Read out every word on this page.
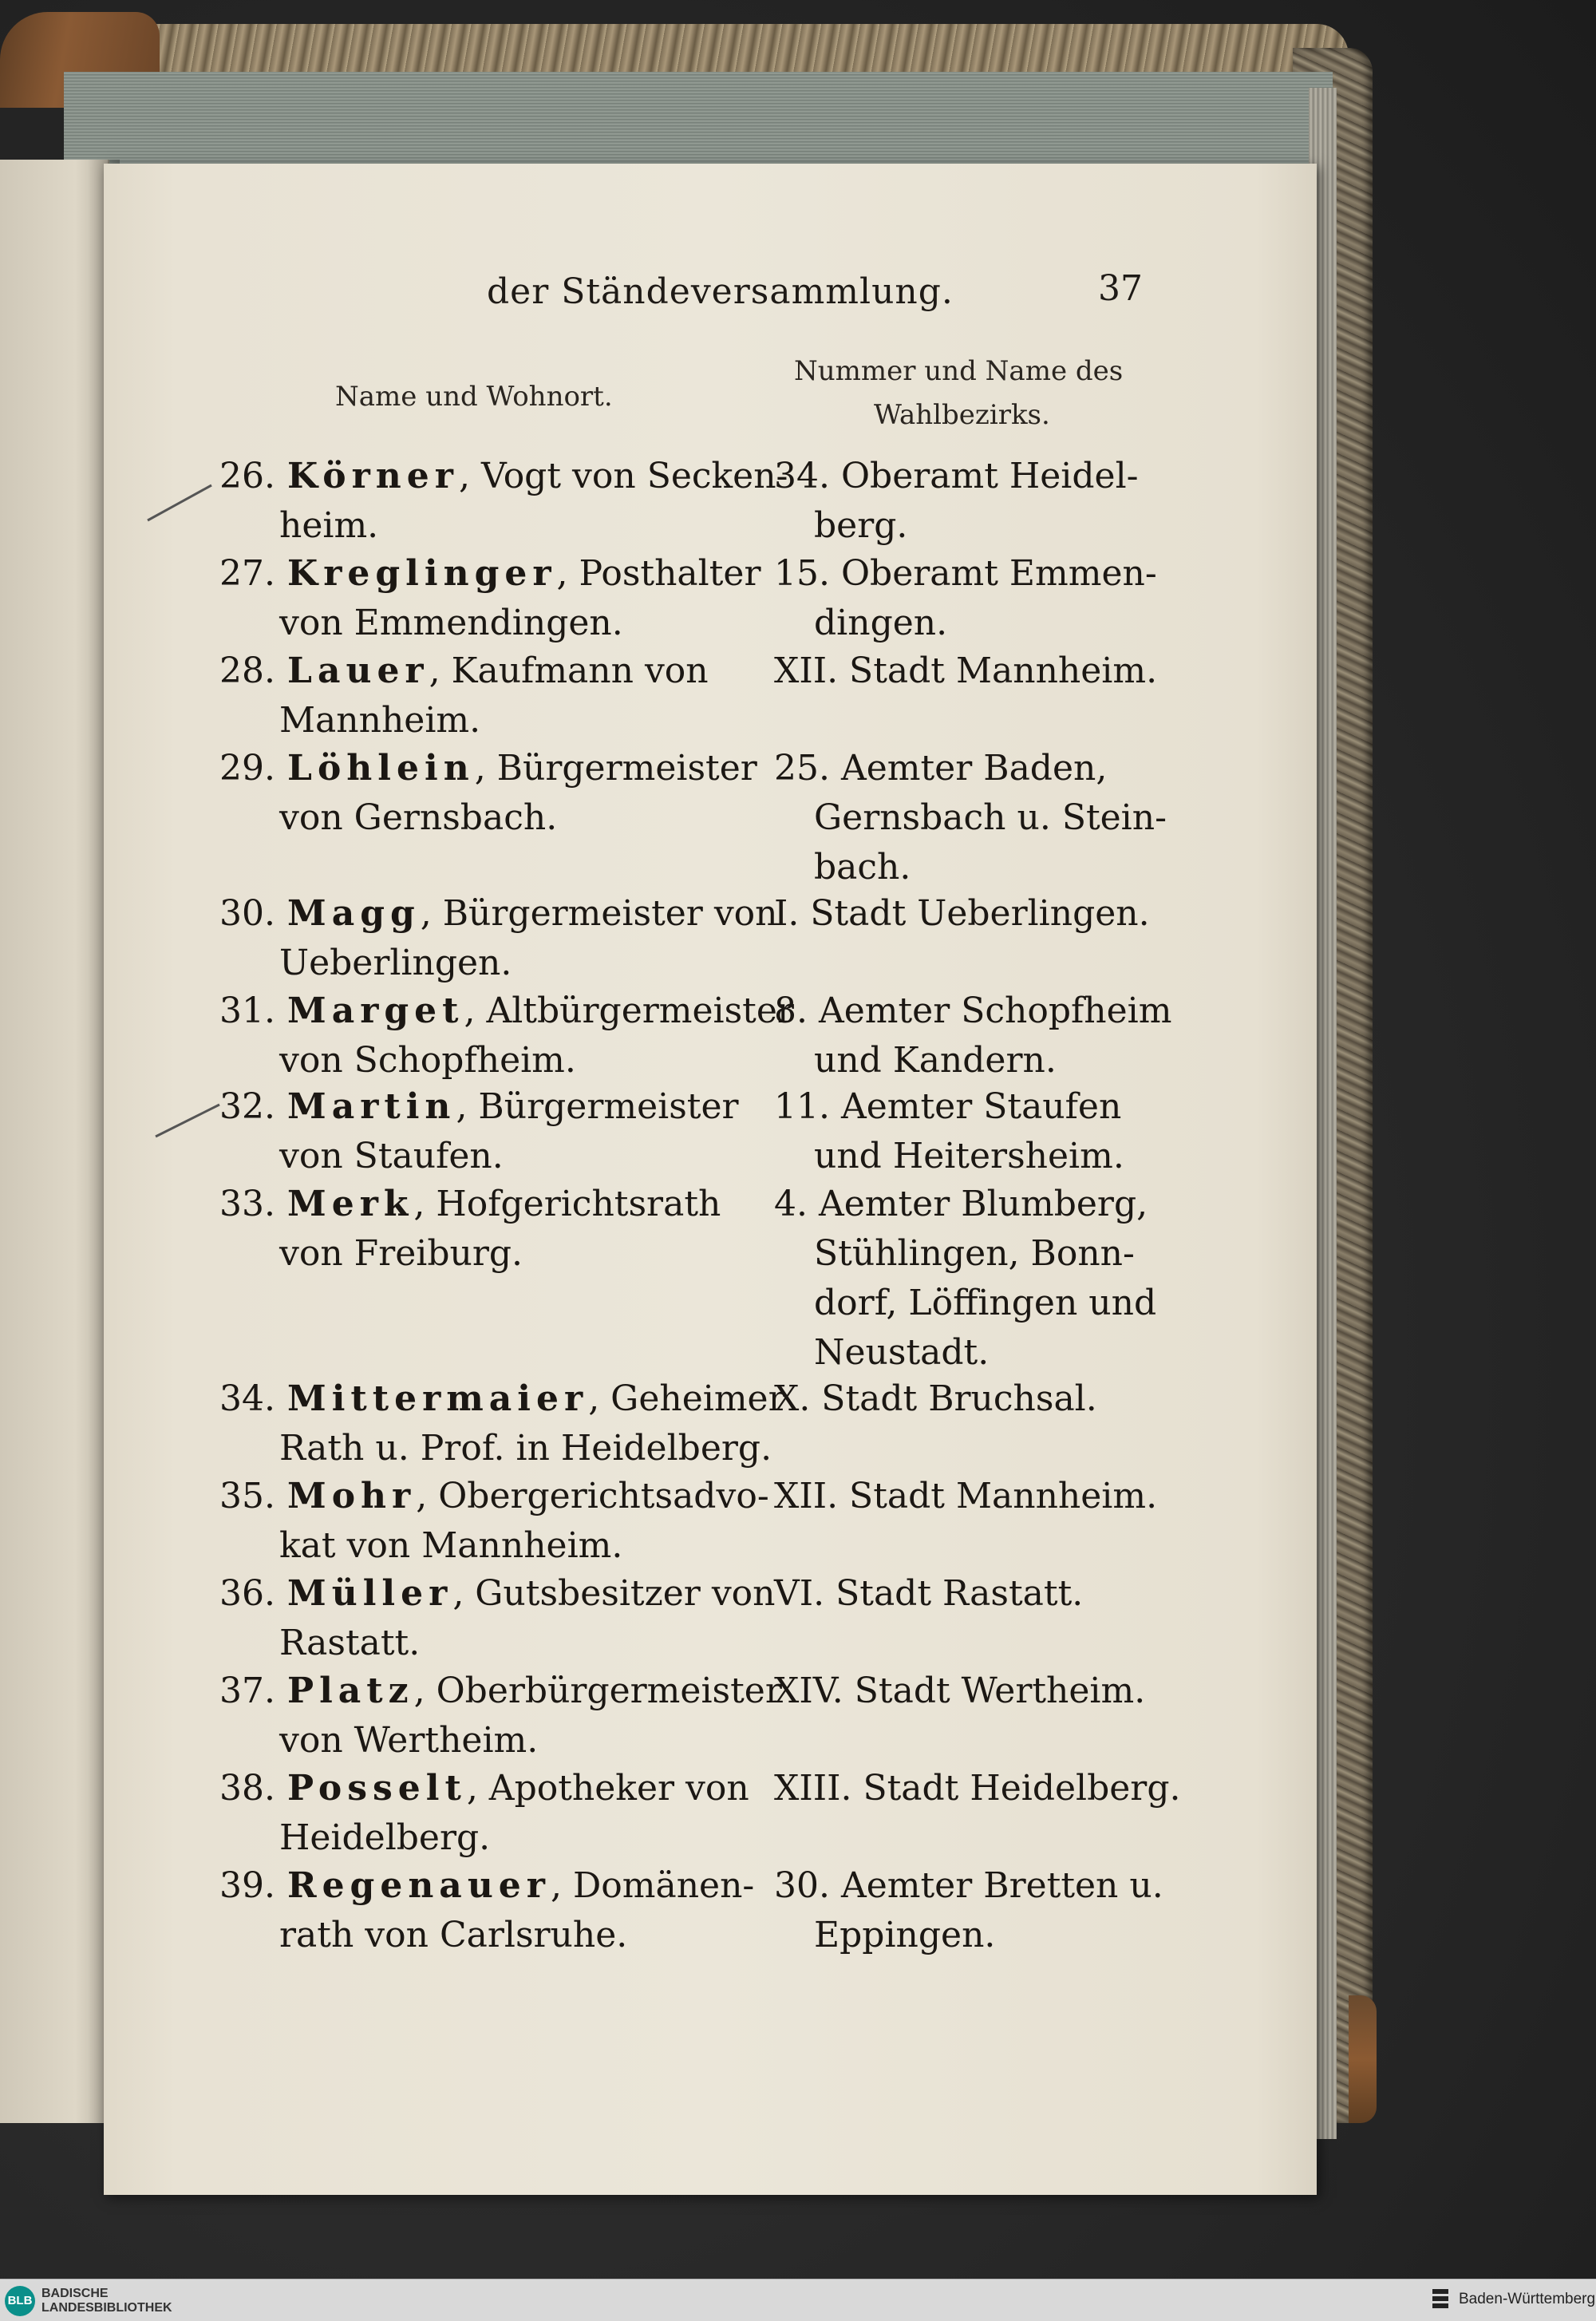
der Ständeversammlung.	37
Name und Wohnort.
Nummer und Name des
Wahlbezirks.
26. Körner, Vogt von Secken-
heim.
34. Oberamt Heidel-
berg.
27. Kreglinger, Posthalter
von Emmendingen.
15. Oberamt Emmen-
dingen.
28. Lauer, Kaufmann von
Mannheim.
XII. Stadt Mannheim.
29. Löhlein, Bürgermeister
von Gernsbach.
25. Aemter Baden,
Gernsbach u. Stein-
bach.
30. Magg, Bürgermeister von
Ueberlingen.
I. Stadt Ueberlingen.
31. Marget, Altbürgermeister
von Schopfheim.
8. Aemter Schopfheim
und Kandern.
32. Martin, Bürgermeister
von Staufen.
11. Aemter Staufen
und Heitersheim.
33. Merk, Hofgerichtsrath
von Freiburg.
4. Aemter Blumberg,
Stühlingen, Bonn-
dorf, Löffingen und
Neustadt.
34. Mittermaier, Geheimer
Rath u. Prof. in Heidelberg.
X. Stadt Bruchsal.
35. Mohr, Obergerichtsadvo-
kat von Mannheim.
XII. Stadt Mannheim.
36. Müller, Gutsbesitzer von
Rastatt.
VI. Stadt Rastatt.
37. Platz, Oberbürgermeister
von Wertheim.
XIV. Stadt Wertheim.
38. Posselt, Apotheker von
Heidelberg.
XIII. Stadt Heidelberg.
39. Regenauer, Domänen-
rath von Carlsruhe.
30. Aemter Bretten u.
Eppingen.
BLB
BADISCHE
LANDESBIBLIOTHEK
Baden-Württemberg
